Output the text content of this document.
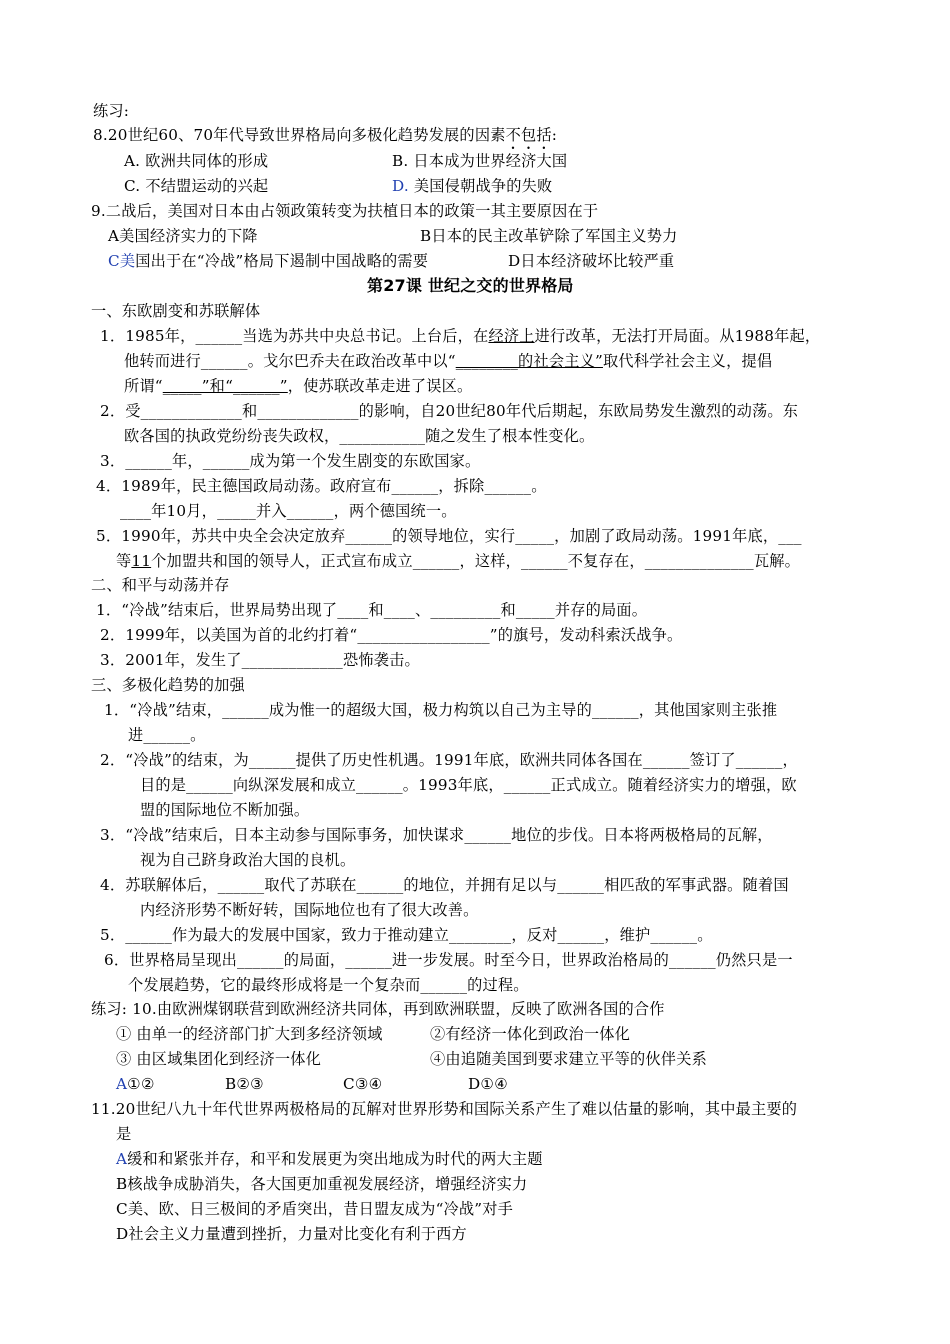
练习:
8.20世纪60、70年代导致世界格局向多极化趋势发展的因素不包括:
A. 欧洲共同体的形成	B. 日本成为世界经济大国
C. 不结盟运动的兴起	D. 美国侵朝战争的失败
9.二战后，美国对日本由占领政策转变为扶植日本的政策一其主要原因在于
A美国经济实力的下降	B日本的民主改革铲除了军国主义势力
C美国出于在“冷战”格局下遏制中国战略的需要	D日本经济破坏比较严重
第27课 世纪之交的世界格局
一、东欧剧变和苏联解体
1．1985年，______当选为苏共中央总书记。上台后，在经济上进行改革，无法打开局面。从1988年起，
他转而进行______。戈尔巴乔夫在政治改革中以“________的社会主义”取代科学社会主义，提倡
所谓“_____”和“______”，使苏联改革走进了误区。
2．受_____________和_____________的影响，自20世纪80年代后期起，东欧局势发生激烈的动荡。东
欧各国的执政党纷纷丧失政权，___________随之发生了根本性变化。
3．______年，______成为第一个发生剧变的东欧国家。
4．1989年，民主德国政局动荡。政府宣布______，拆除______。
____年10月，_____并入______，两个德国统一。
5．1990年，苏共中央全会决定放弃______的领导地位，实行_____，加剧了政局动荡。1991年底，___
等11个加盟共和国的领导人，正式宣布成立______，这样，______不复存在，______________瓦解。
二、和平与动荡并存
1．“冷战”结束后，世界局势出现了____和____、_________和_____并存的局面。
2．1999年，以美国为首的北约打着“_________________”的旗号，发动科索沃战争。
3．2001年，发生了_____________恐怖袭击。
三、多极化趋势的加强
1．“冷战”结束，______成为惟一的超级大国，极力构筑以自己为主导的______，其他国家则主张推
进______。
2．“冷战”的结束，为______提供了历史性机遇。1991年底，欧洲共同体各国在______签订了______，
目的是______向纵深发展和成立______。1993年底，______正式成立。随着经济实力的增强，欧
盟的国际地位不断加强。
3．“冷战”结束后，日本主动参与国际事务，加快谋求______地位的步伐。日本将两极格局的瓦解，
视为自己跻身政治大国的良机。
4．苏联解体后，______取代了苏联在______的地位，并拥有足以与______相匹敌的军事武器。随着国
内经济形势不断好转，国际地位也有了很大改善。
5．______作为最大的发展中国家，致力于推动建立________，反对______，维护______。
6．世界格局呈现出______的局面，______进一步发展。时至今日，世界政治格局的______仍然只是一
个发展趋势，它的最终形成将是一个复杂而______的过程。
练习: 10.由欧洲煤钢联营到欧洲经济共同体，再到欧洲联盟，反映了欧洲各国的合作
① 由单一的经济部门扩大到多经济领域	②有经济一体化到政治一体化
③ 由区域集团化到经济一体化	④由追随美国到要求建立平等的伙伴关系
A①②	B②③	C③④	D①④
11.20世纪八九十年代世界两极格局的瓦解对世界形势和国际关系产生了难以估量的影响，其中最主要的
是
A缓和和紧张并存，和平和发展更为突出地成为时代的两大主题
B核战争成胁消失，各大国更加重视发展经济，增强经济实力
C美、欧、日三极间的矛盾突出，昔日盟友成为“冷战”对手
D社会主义力量遭到挫折，力量对比变化有利于西方
